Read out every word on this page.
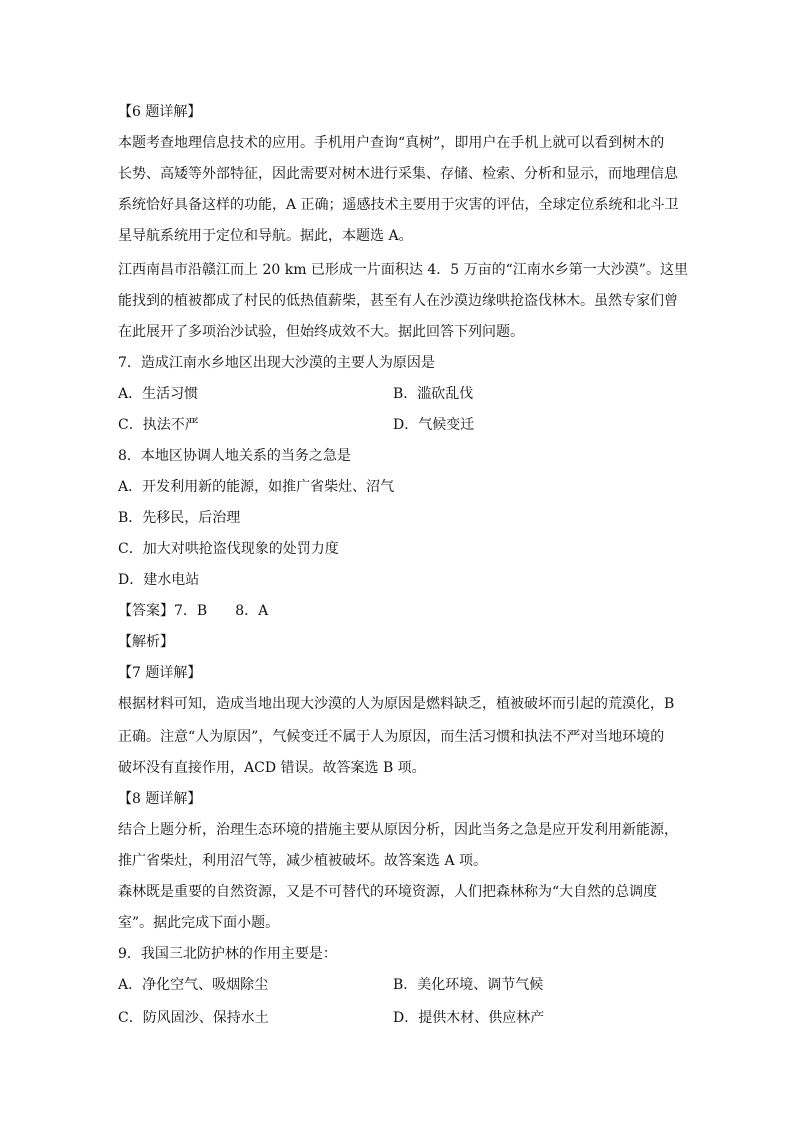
【6 题详解】
本题考查地理信息技术的应用。手机用户查询“真树”，即用户在手机上就可以看到树木的
长势、高矮等外部特征，因此需要对树木进行采集、存储、检索、分析和显示，而地理信息
系统恰好具备这样的功能，A 正确；遥感技术主要用于灾害的评估，全球定位系统和北斗卫
星导航系统用于定位和导航。据此，本题选 A。
江西南昌市沿赣江而上 20 km 已形成一片面积达 4．5 万亩的“江南水乡第一大沙漠”。这里
能找到的植被都成了村民的低热值薪柴，甚至有人在沙漠边缘哄抢盗伐林木。虽然专家们曾
在此展开了多项治沙试验，但始终成效不大。据此回答下列问题。
7．造成江南水乡地区出现大沙漠的主要人为原因是
A．生活习惯	B．滥砍乱伐
C．执法不严	D．气候变迁
8．本地区协调人地关系的当务之急是
A．开发利用新的能源，如推广省柴灶、沼气
B．先移民，后治理
C．加大对哄抢盗伐现象的处罚力度
D．建水电站
【答案】7．B　　8．A
【解析】
【7 题详解】
根据材料可知，造成当地出现大沙漠的人为原因是燃料缺乏，植被破坏而引起的荒漠化，B
正确。注意“人为原因”，气候变迁不属于人为原因，而生活习惯和执法不严对当地环境的
破坏没有直接作用，ACD 错误。故答案选 B 项。
【8 题详解】
结合上题分析，治理生态环境的措施主要从原因分析，因此当务之急是应开发利用新能源，
推广省柴灶，利用沼气等，减少植被破坏。故答案选 A 项。
森林既是重要的自然资源，又是不可替代的环境资源，人们把森林称为“大自然的总调度
室”。据此完成下面小题。
9．我国三北防护林的作用主要是：
A．净化空气、吸烟除尘	B．美化环境、调节气候
C．防风固沙、保持水土	D．提供木材、供应林产
